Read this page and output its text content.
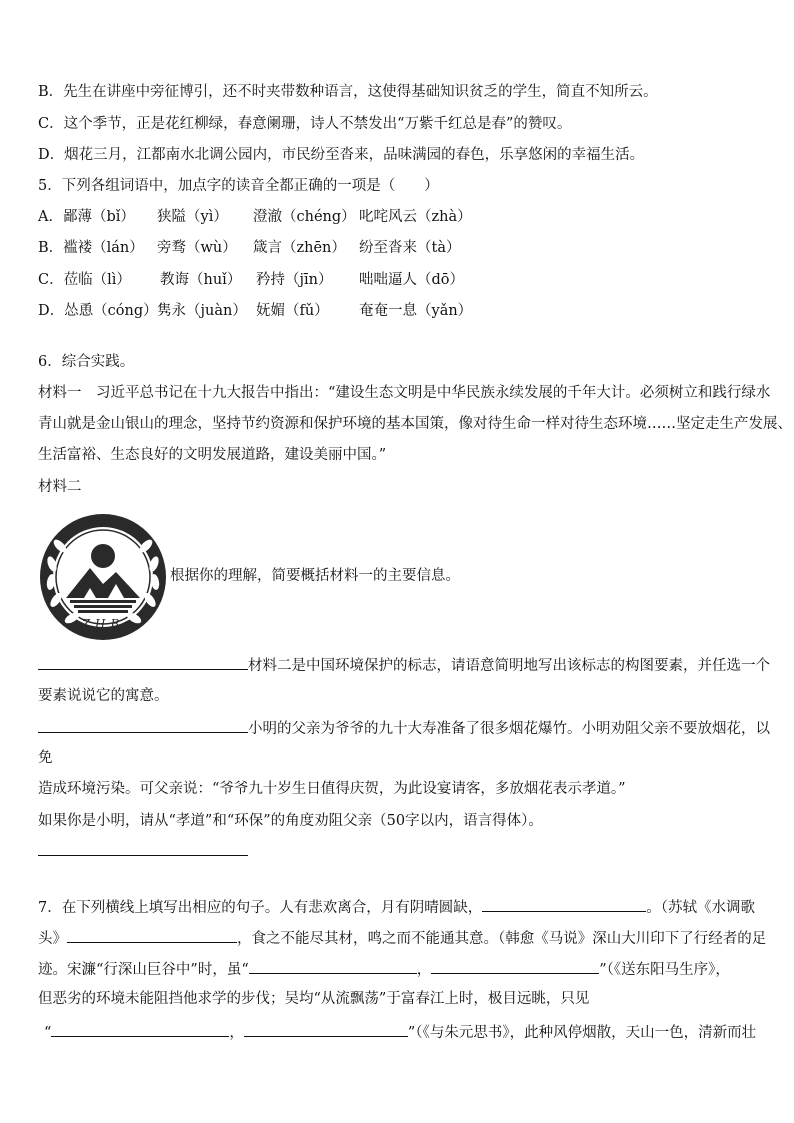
B．先生在讲座中旁征博引，还不时夹带数种语言，这使得基础知识贫乏的学生，简直不知所云。
C．这个季节，正是花红柳绿，春意阑珊，诗人不禁发出“万紫千红总是春”的赞叹。
D．烟花三月，江都南水北调公园内，市民纷至沓来，品味满园的春色，乐享悠闲的幸福生活。
5．下列各组词语中，加点字的读音全都正确的一项是（　　）
A．鄙薄（bǐ） 狭隘（yì） 澄澈（chéng） 叱咤风云（zhà）
B．褴褛（lán） 旁骛（wù） 箴言（zhēn） 纷至沓来（tà）
C．莅临（lì） 教诲（huǐ） 矜持（jīn） 咄咄逼人（dō）
D．怂恿（cóng） 隽永（juàn） 妩媚（fǔ） 奄奄一息（yǎn）
6．综合实践。
材料一　习近平总书记在十九大报告中指出：“建设生态文明是中华民族永续发展的千年大计。必须树立和践行绿水
青山就是金山银山的理念，坚持节约资源和保护环境的基本国策，像对待生命一样对待生态环境……坚定走生产发展、
生活富裕、生态良好的文明发展道路，建设美丽中国。”
材料二
ZHB
根据你的理解，简要概括材料一的主要信息。
材料二是中国环境保护的标志，请语意简明地写出该标志的构图要素，并任选一个
要素说说它的寓意。
小明的父亲为爷爷的九十大寿准备了很多烟花爆竹。小明劝阻父亲不要放烟花，以
免
造成环境污染。可父亲说：“爷爷九十岁生日值得庆贺，为此设宴请客，多放烟花表示孝道。”
如果你是小明，请从“孝道”和“环保”的角度劝阻父亲（50字以内，语言得体）。
7．在下列横线上填写出相应的句子。人有悲欢离合，月有阴晴圆缺，	。（苏轼《水调歌
头》	，食之不能尽其材，鸣之而不能通其意。（韩愈《马说》深山大川印下了行经者的足
迹。宋濂“行深山巨谷中”时，虽“	，	”（《送东阳马生序》，
但恶劣的环境未能阻挡他求学的步伐；吴均“从流飘荡”于富春江上时，极目远眺，只见
“	，	”（《与朱元思书》，此种风停烟散，天山一色，清新而壮
